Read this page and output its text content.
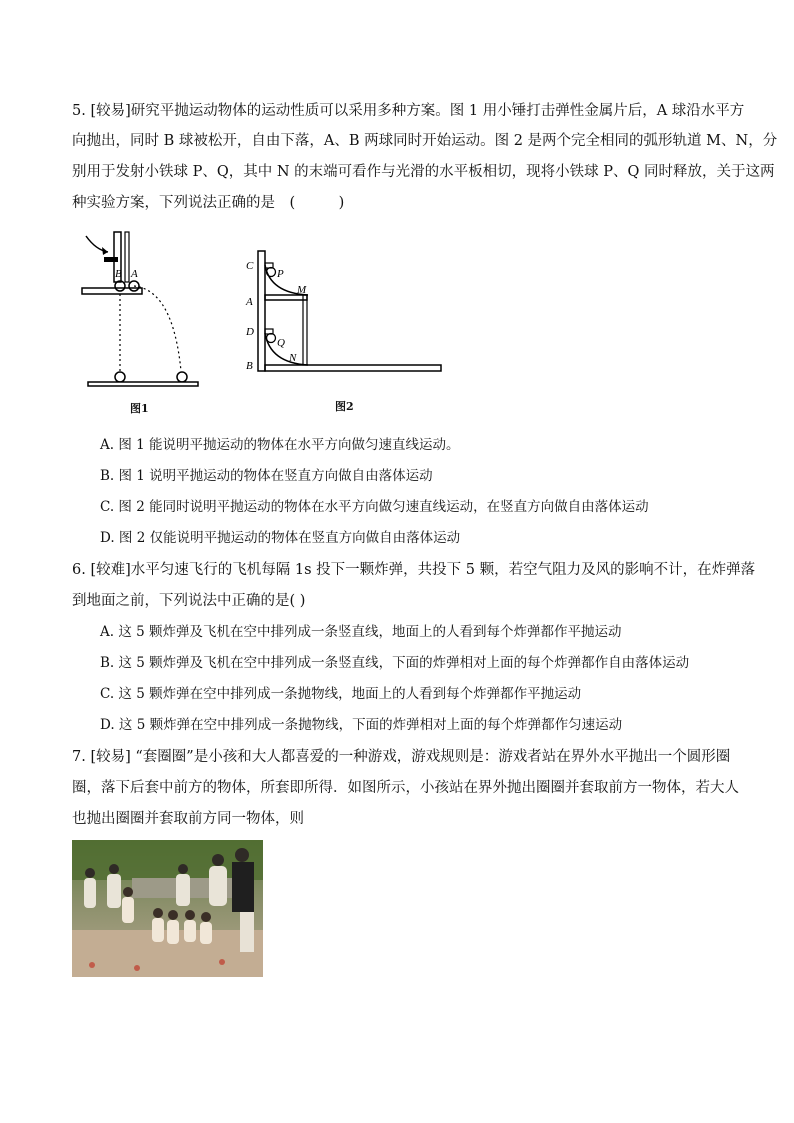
5. [较易]研究平抛运动物体的运动性质可以采用多种方案。图 1 用小锤打击弹性金属片后，A 球沿水平方
向抛出，同时 B 球被松开，自由下落，A、B 两球同时开始运动。图 2 是两个完全相同的弧形轨道 M、N，分
别用于发射小铁球 P、Q，其中 N 的末端可看作与光滑的水平板相切，现将小铁球 P、Q 同时释放，关于这两
种实验方案，下列说法正确的是　(　　　)
B A
图1
C
P
M
A
D
Q
N
B
图2
A. 图 1 能说明平抛运动的物体在水平方向做匀速直线运动。
B. 图 1 说明平抛运动的物体在竖直方向做自由落体运动
C. 图 2 能同时说明平抛运动的物体在水平方向做匀速直线运动，在竖直方向做自由落体运动
D. 图 2 仅能说明平抛运动的物体在竖直方向做自由落体运动
6. [较难]水平匀速飞行的飞机每隔 1s 投下一颗炸弹，共投下 5 颗，若空气阻力及风的影响不计，在炸弹落
到地面之前，下列说法中正确的是( )
A. 这 5 颗炸弹及飞机在空中排列成一条竖直线，地面上的人看到每个炸弹都作平抛运动
B. 这 5 颗炸弹及飞机在空中排列成一条竖直线，下面的炸弹相对上面的每个炸弹都作自由落体运动
C. 这 5 颗炸弹在空中排列成一条抛物线，地面上的人看到每个炸弹都作平抛运动
D. 这 5 颗炸弹在空中排列成一条抛物线，下面的炸弹相对上面的每个炸弹都作匀速运动
7. [较易] “套圈圈”是小孩和大人都喜爱的一种游戏，游戏规则是：游戏者站在界外水平抛出一个圆形圈
圈，落下后套中前方的物体，所套即所得．如图所示，小孩站在界外抛出圈圈并套取前方一物体，若大人
也抛出圈圈并套取前方同一物体，则
